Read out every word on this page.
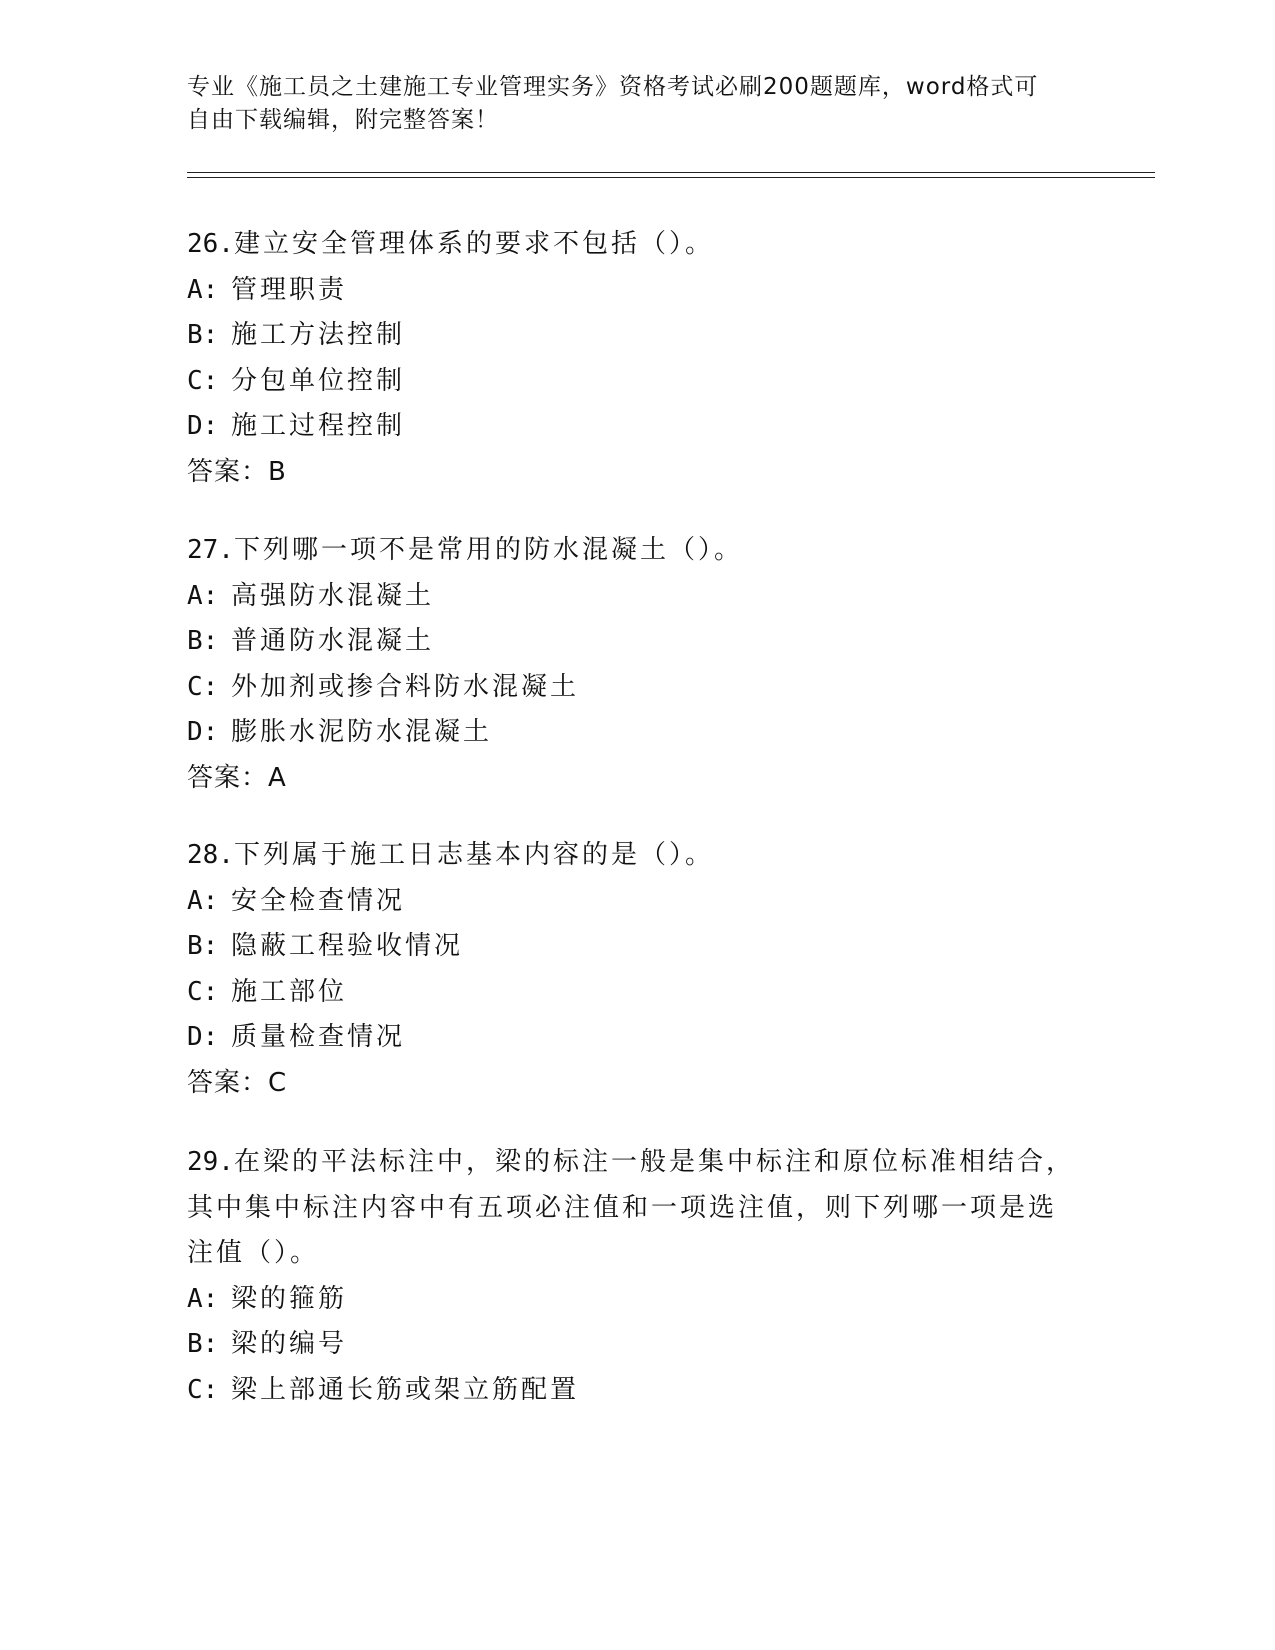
专业《施工员之土建施工专业管理实务》资格考试必刷200题题库，word格式可
自由下载编辑，附完整答案！
26.建立安全管理体系的要求不包括（）。
A: 管理职责
B: 施工方法控制
C: 分包单位控制
D: 施工过程控制
答案：B
27.下列哪一项不是常用的防水混凝土（）。
A: 高强防水混凝土
B: 普通防水混凝土
C: 外加剂或掺合料防水混凝土
D: 膨胀水泥防水混凝土
答案：A
28.下列属于施工日志基本内容的是（）。
A: 安全检查情况
B: 隐蔽工程验收情况
C: 施工部位
D: 质量检查情况
答案：C
29.在梁的平法标注中，梁的标注一般是集中标注和原位标准相结合，
其中集中标注内容中有五项必注值和一项选注值，则下列哪一项是选
注值（）。
A: 梁的箍筋
B: 梁的编号
C: 梁上部通长筋或架立筋配置
